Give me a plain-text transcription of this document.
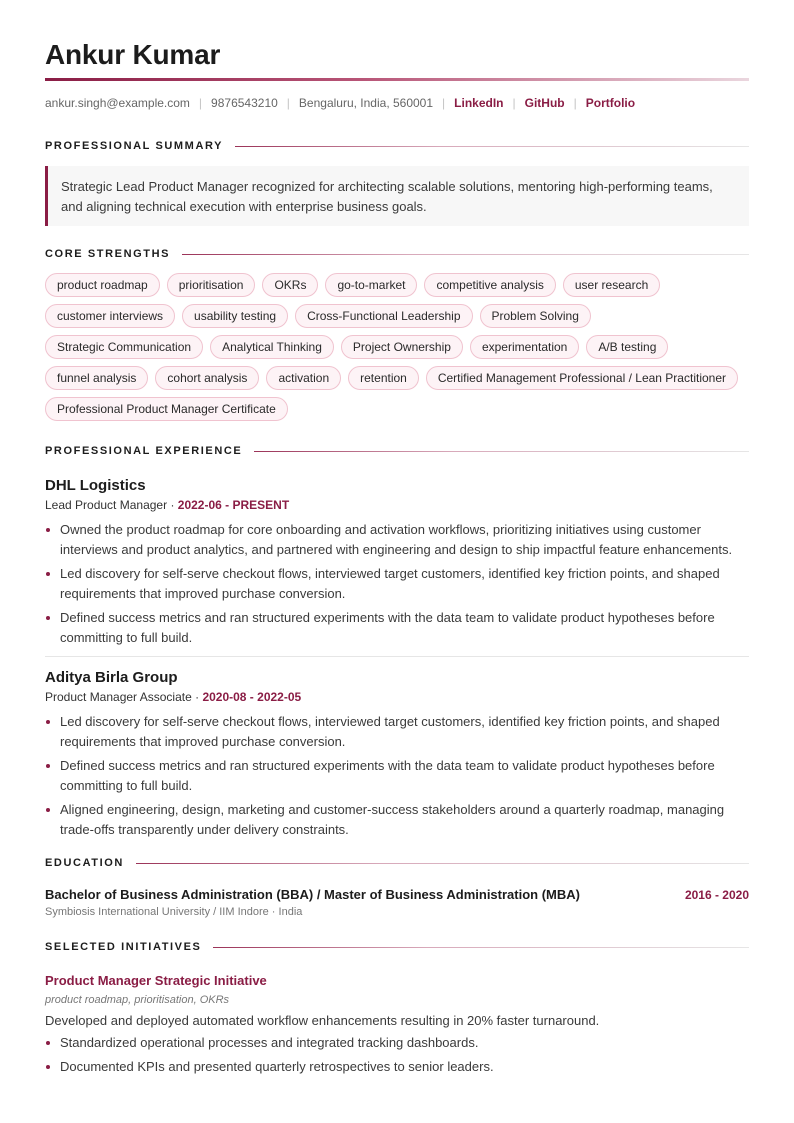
Ankur Kumar
ankur.singh@example.com | 9876543210 | Bengaluru, India, 560001 | LinkedIn | GitHub | Portfolio
PROFESSIONAL SUMMARY
Strategic Lead Product Manager recognized for architecting scalable solutions, mentoring high-performing teams, and aligning technical execution with enterprise business goals.
CORE STRENGTHS
product roadmap	prioritisation	OKRs	go-to-market	competitive analysis	user research
customer interviews	usability testing	Cross-Functional Leadership	Problem Solving
Strategic Communication	Analytical Thinking	Project Ownership	experimentation	A/B testing
funnel analysis	cohort analysis	activation	retention	Certified Management Professional / Lean Practitioner
Professional Product Manager Certificate
PROFESSIONAL EXPERIENCE
DHL Logistics
Lead Product Manager · 2022-06 - PRESENT
Owned the product roadmap for core onboarding and activation workflows, prioritizing initiatives using customer interviews and product analytics, and partnered with engineering and design to ship impactful feature enhancements.
Led discovery for self-serve checkout flows, interviewed target customers, identified key friction points, and shaped requirements that improved purchase conversion.
Defined success metrics and ran structured experiments with the data team to validate product hypotheses before committing to full build.
Aditya Birla Group
Product Manager Associate · 2020-08 - 2022-05
Led discovery for self-serve checkout flows, interviewed target customers, identified key friction points, and shaped requirements that improved purchase conversion.
Defined success metrics and ran structured experiments with the data team to validate product hypotheses before committing to full build.
Aligned engineering, design, marketing and customer-success stakeholders around a quarterly roadmap, managing trade-offs transparently under delivery constraints.
EDUCATION
Bachelor of Business Administration (BBA) / Master of Business Administration (MBA)	2016 - 2020
Symbiosis International University / IIM Indore · India
SELECTED INITIATIVES
Product Manager Strategic Initiative
product roadmap, prioritisation, OKRs
Developed and deployed automated workflow enhancements resulting in 20% faster turnaround.
Standardized operational processes and integrated tracking dashboards.
Documented KPIs and presented quarterly retrospectives to senior leaders.
